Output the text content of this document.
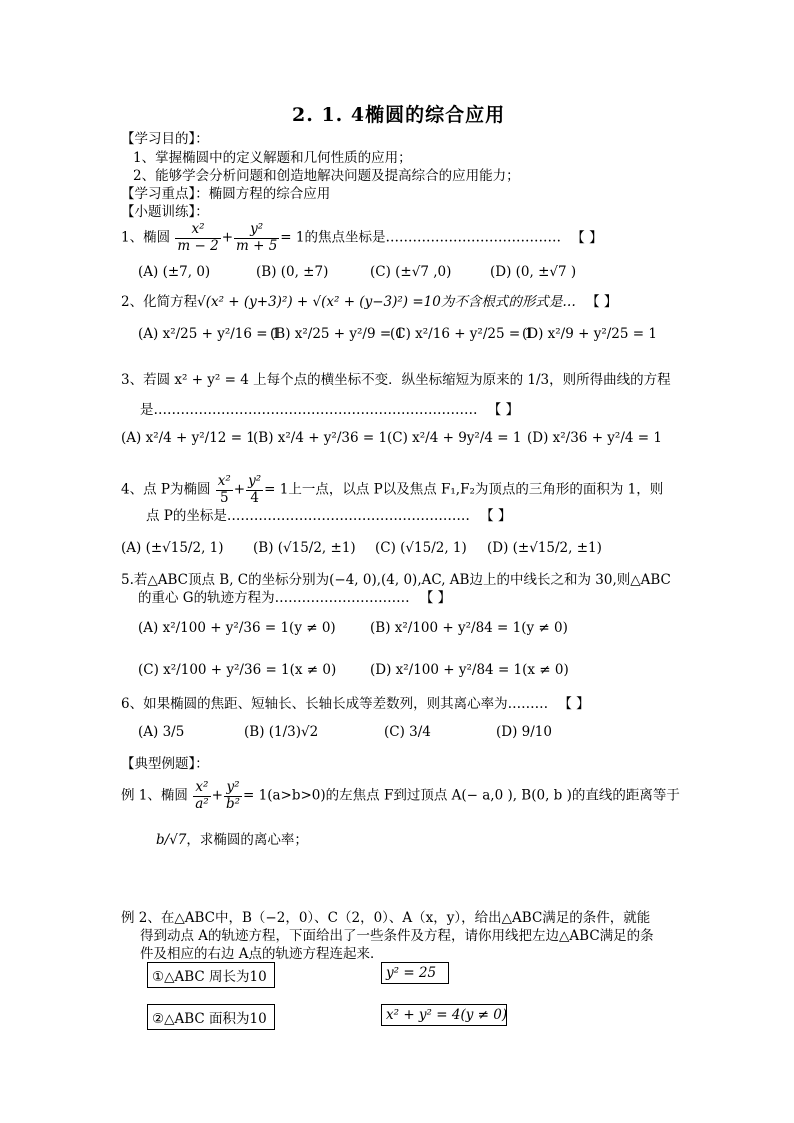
2. 1. 4椭圆的综合应用
【学习目的】：
1、掌握椭圆中的定义解题和几何性质的应用；
2、能够学会分析问题和创造地解决问题及提高综合的应用能力；
【学习重点】：椭圆方程的综合应用
【小题训练】：
1、椭圆 $\frac{\text{x²}}{m - 2} + \frac{\text{y²}}{m + 5} = 1$的焦点坐标是………………………………… 【 】
(A) (±7, 0)	(B) (0, ±7)	(C) (±√7 ,0)	(D) (0, ±√7 )
2、化简方程√(x² + (y+3)²) + √(x² + (y−3)²) =10为不含根式的形式是… 【 】
(A) x²/25 + y²/16 = 1(B) x²/25 + y²/9 = 1(C) x²/16 + y²/25 = 1(D) x²/9 + y²/25 = 1
3、若圆 x² + y² = 4 上每个点的横坐标不变．纵坐标缩短为原来的 1/3，则所得曲线的方程
是……………………………………………………………… 【 】
(A) x²/4 + y²/12 = 1(B) x²/4 + y²/36 = 1(C) x²/4 + 9y²/4 = 1 (D) x²/36 + y²/4 = 1
4、点 P为椭圆 $\frac{\text{x²}}{5} + \frac{\text{y²}}{4} = 1$上一点，以点 P以及焦点 F₁,F₂为顶点的三角形的面积为 1，则
点 P的坐标是……………………………………………… 【 】
(A) (±√15/2, 1) (B) (√15/2, ±1) (C) (√15/2, 1) (D) (±√15/2, ±1)
5.若△ABC顶点 B, C的坐标分别为(−4, 0),(4, 0),AC, AB边上的中线长之和为 30,则△ABC
的重心 G的轨迹方程为………………………… 【 】
(A) x²/100 + y²/36 = 1(y ≠ 0)	(B) x²/100 + y²/84 = 1(y ≠ 0)
(C) x²/100 + y²/36 = 1(x ≠ 0) (D) x²/100 + y²/84 = 1(x ≠ 0)
6、如果椭圆的焦距、短轴长、长轴长成等差数列，则其离心率为……… 【 】
(A) 3/5	(B) (1/3)√2	(C) 3/4	(D) 9/10
【典型例题】：
例 1、椭圆 $\frac{\text{x²}}{\text{a²}} + \frac{\text{y²}}{\text{b²}} = 1(a>b>0)$的左焦点 F到过顶点 A(− a,0 ), B(0, b )的直线的距离等于
b/√7，求椭圆的离心率；
例 2、在△ABC中，B（−2，0）、C（2，0）、A（x，y），给出△ABC满足的条件，就能
得到动点 A的轨迹方程，下面给出了一些条件及方程，请你用线把左边△ABC满足的条
件及相应的右边 A点的轨迹方程连起来．
①△ABC 周长为10	y² = 25
②△ABC 面积为10	x² + y² = 4(y ≠ 0)
